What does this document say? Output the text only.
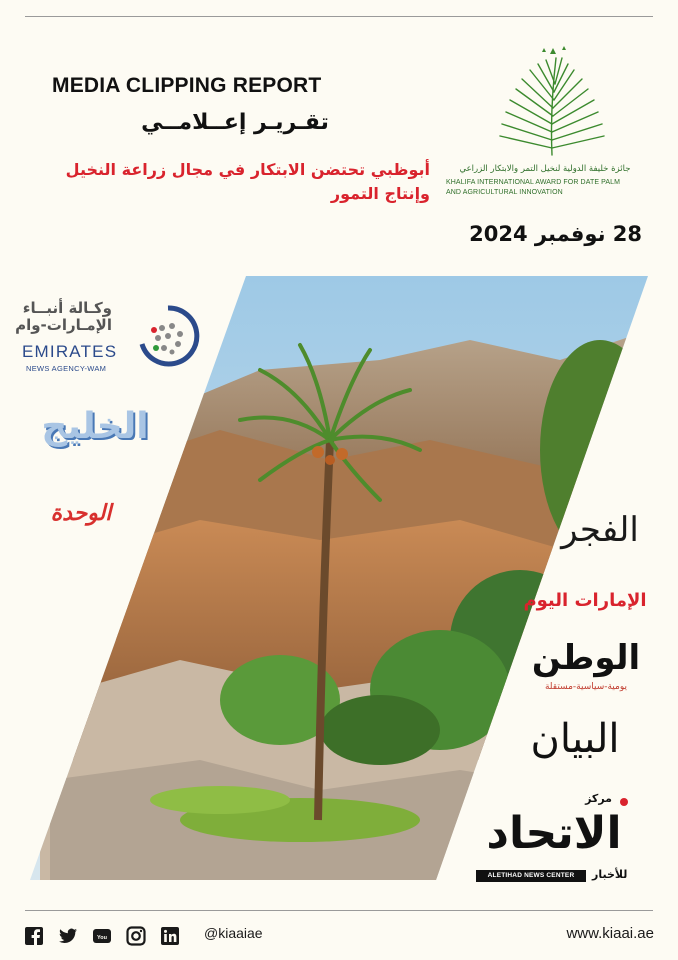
MEDIA CLIPPING REPORT
تقـريـر إعــلامــي
أبوظبي تحتضن الابتكار في مجال زراعة النخيل وإنتاج التمور
28 نوفمبر 2024
جائزة خليفة الدولية لنخيل التمر والابتكار الزراعي
KHALIFA INTERNATIONAL AWARD FOR DATE PALM
AND AGRICULTURAL INNOVATION
وكـالة أنبــاء الإمـارات-وام
EMIRATES
NEWS AGENCY-WAM
الخليج
الوحدة	الفجر
الإمارات اليوم
الوطن
يومية-سياسية-مستقلة
البيان
مركز
الاتحاد
ALETIHAD NEWS CENTER	للأخبار
You	@kiaaiae	www.kiaai.ae
